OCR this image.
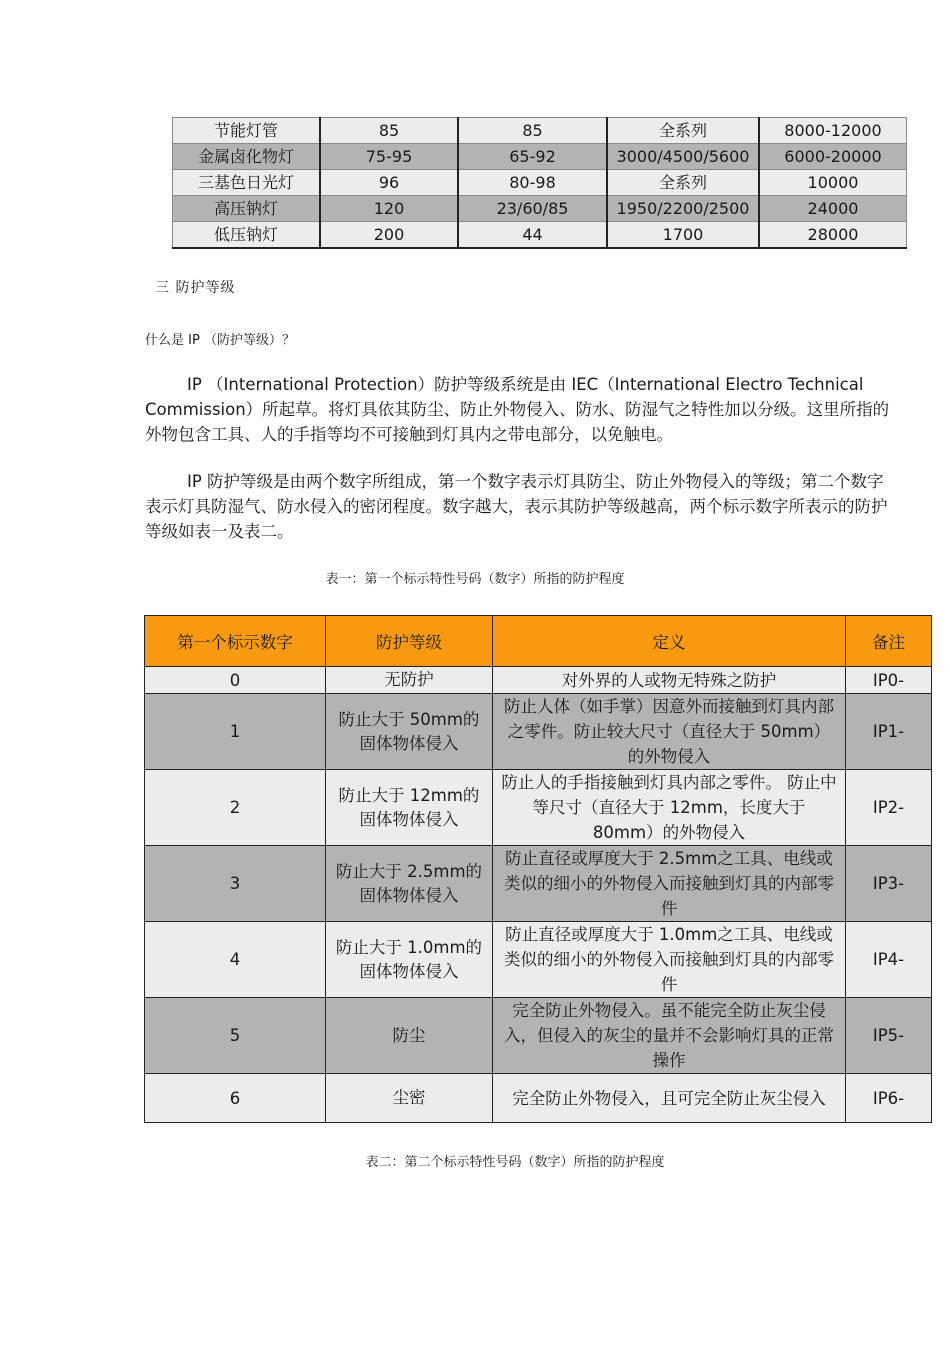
节能灯管	85	85	全系列	8000-12000
金属卤化物灯	75-95	65-92	3000/4500/5600	6000-20000
三基色日光灯	96	80-98	全系列	10000
高压钠灯	120	23/60/85	1950/2200/2500	24000
低压钠灯	200	44	1700	28000

三 防护等级

什么是 IP （防护等级）？

IP （International Protection）防护等级系统是由 IEC（International Electro Technical Commission）所起草。将灯具依其防尘、防止外物侵入、防水、防湿气之特性加以分级。这里所指的外物包含工具、人的手指等均不可接触到灯具内之带电部分，以免触电。

IP 防护等级是由两个数字所组成，第一个数字表示灯具防尘、防止外物侵入的等级；第二个数字表示灯具防湿气、防水侵入的密闭程度。数字越大，表示其防护等级越高，两个标示数字所表示的防护等级如表一及表二。

表一：第一个标示特性号码（数字）所指的防护程度

第一个标示数字	防护等级	定义	备注
0	无防护	对外界的人或物无特殊之防护	IP0-
1	防止大于 50mm的固体物体侵入	防止人体（如手掌）因意外而接触到灯具内部之零件。防止较大尺寸（直径大于 50mm）的外物侵入	IP1-
2	防止大于 12mm的固体物体侵入	防止人的手指接触到灯具内部之零件。 防止中等尺寸（直径大于 12mm，长度大于 80mm）的外物侵入	IP2-
3	防止大于 2.5mm的固体物体侵入	防止直径或厚度大于 2.5mm之工具、电线或类似的细小的外物侵入而接触到灯具的内部零件	IP3-
4	防止大于 1.0mm的固体物体侵入	防止直径或厚度大于 1.0mm之工具、电线或类似的细小的外物侵入而接触到灯具的内部零件	IP4-
5	防尘	完全防止外物侵入。虽不能完全防止灰尘侵入，但侵入的灰尘的量并不会影响灯具的正常操作	IP5-
6	尘密	完全防止外物侵入，且可完全防止灰尘侵入	IP6-

表二：第二个标示特性号码（数字）所指的防护程度
